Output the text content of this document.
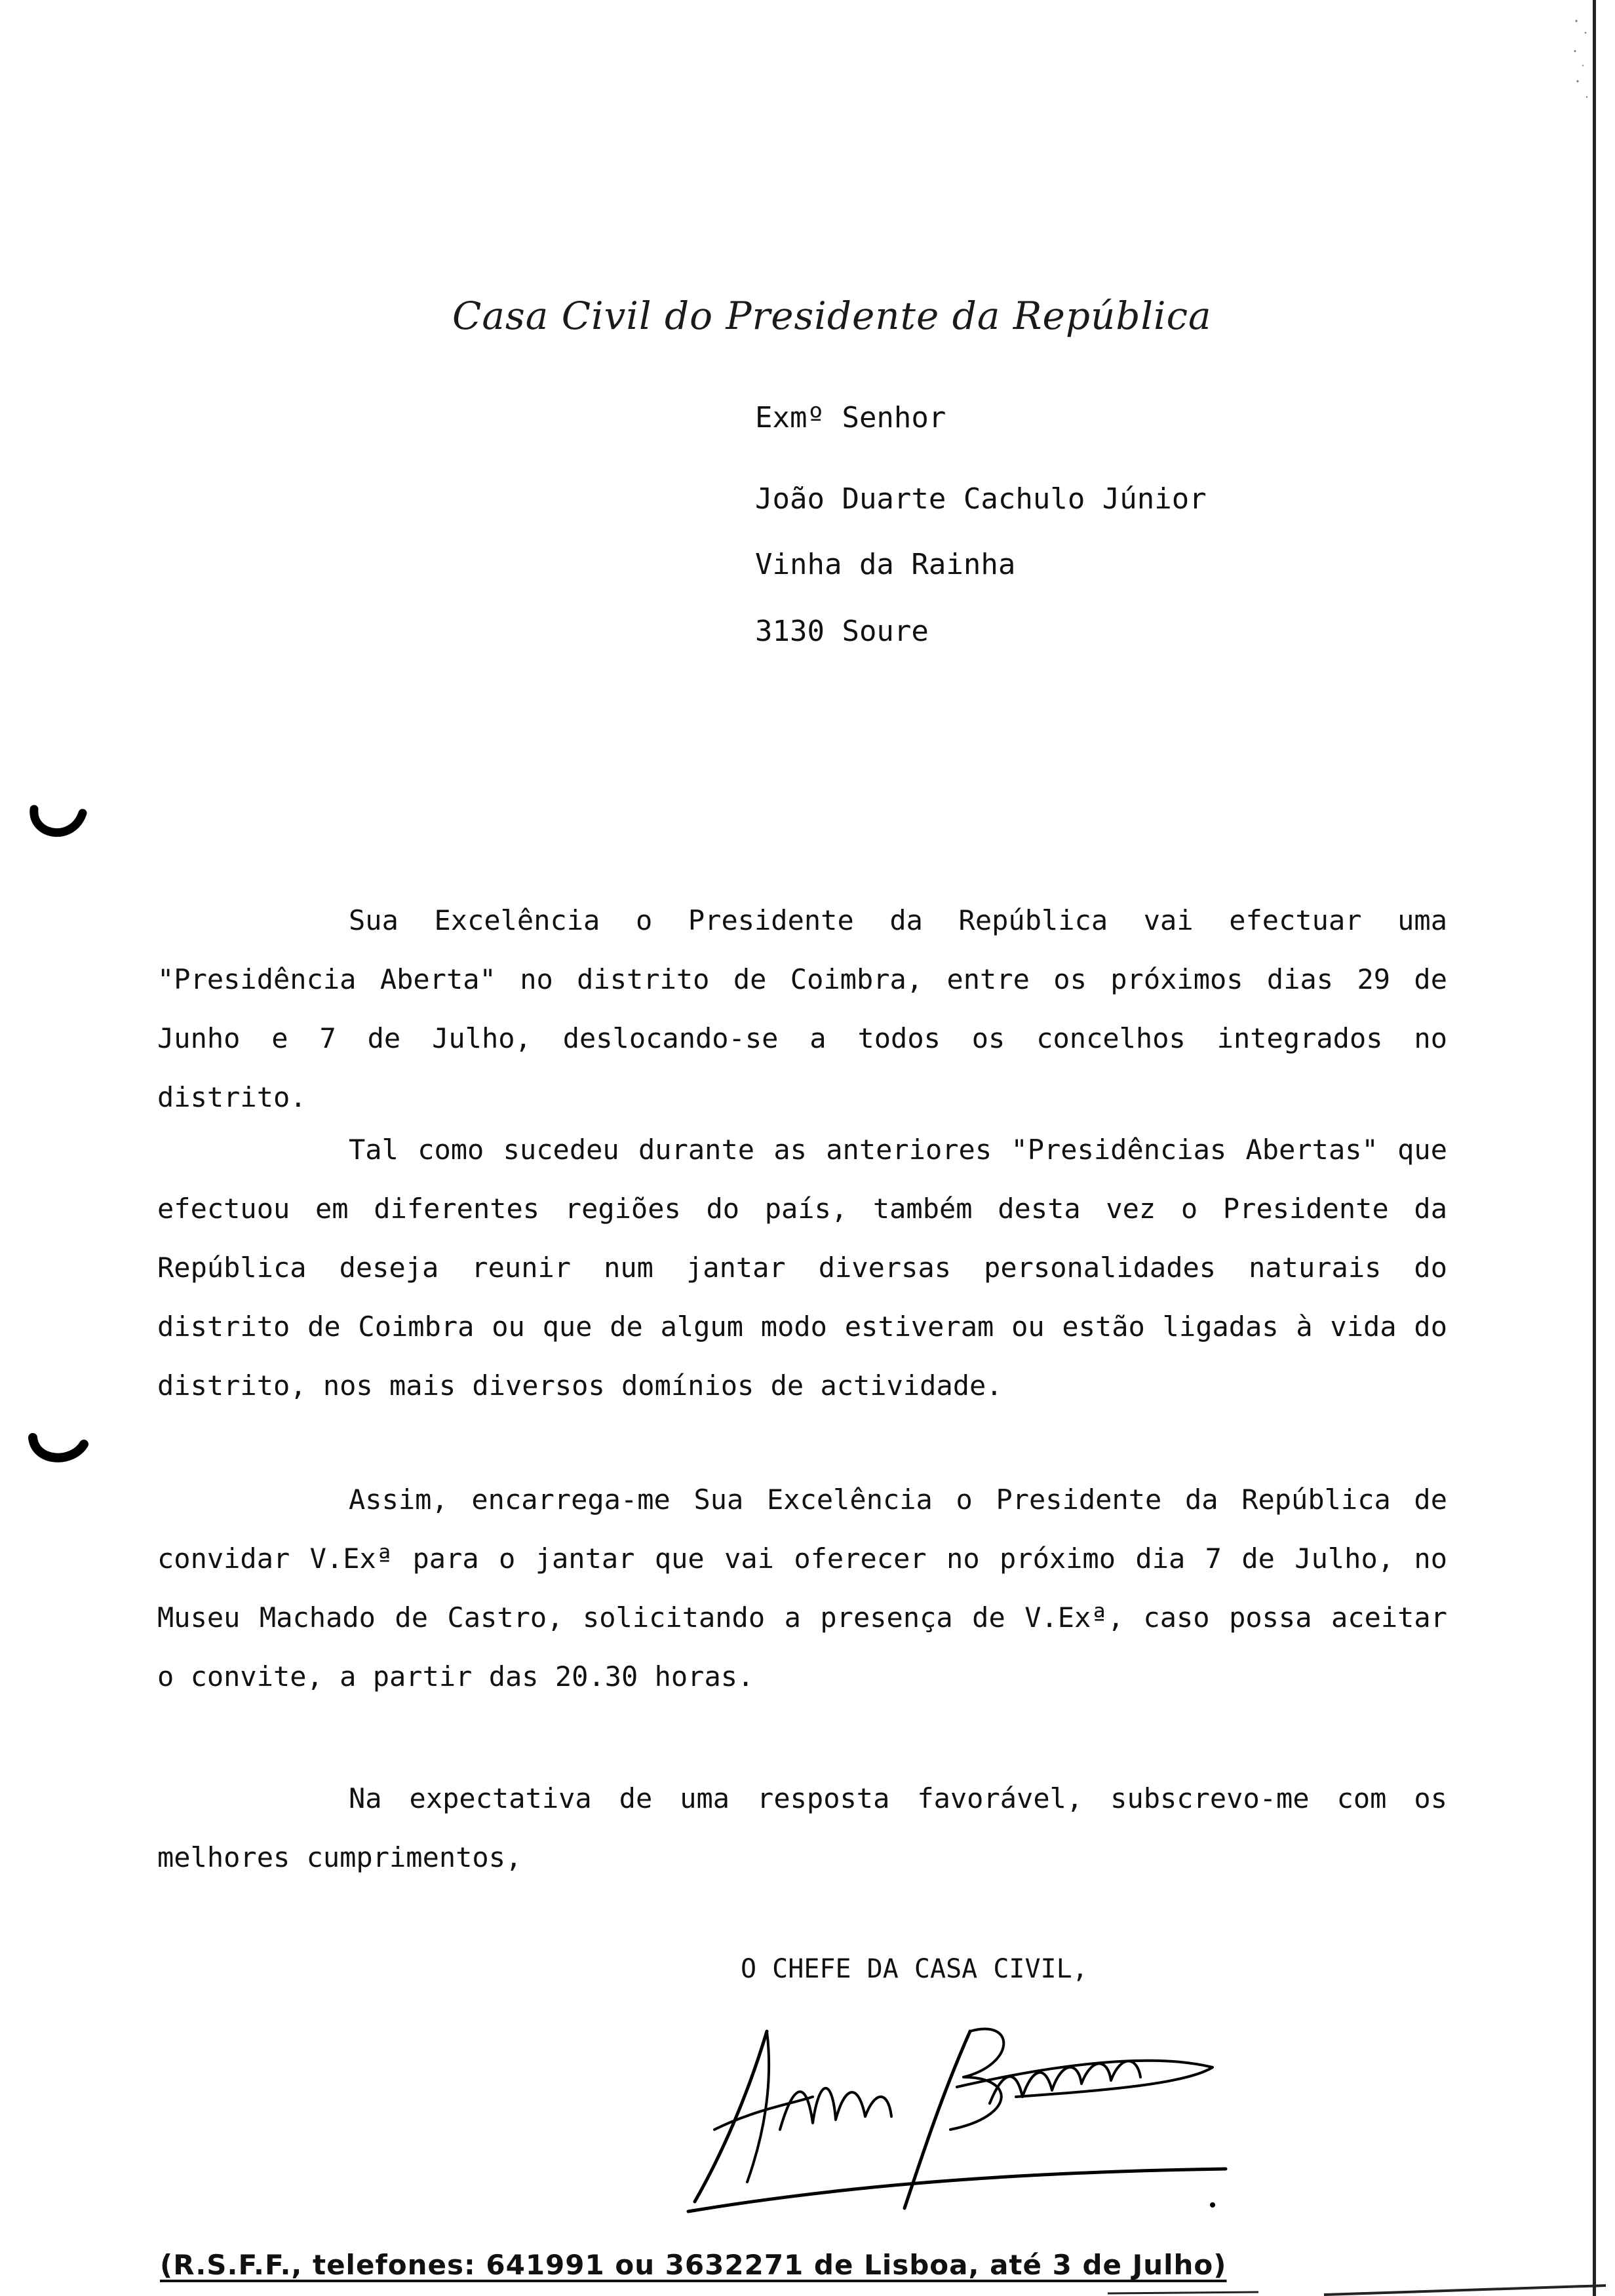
Casa Civil do Presidente da República
Exmº Senhor
João Duarte Cachulo Júnior
Vinha da Rainha
3130 Soure

Sua Excelência o Presidente da República vai efectuar uma "Presidência Aberta" no distrito de Coimbra, entre os próximos dias 29 de Junho e 7 de Julho, deslocando-se a todos os concelhos integrados no distrito.

Tal como sucedeu durante as anteriores "Presidências Abertas" que efectuou em diferentes regiões do país, também desta vez o Presidente da República deseja reunir num jantar diversas personalidades naturais do distrito de Coimbra ou que de algum modo estiveram ou estão ligadas à vida do distrito, nos mais diversos domínios de actividade.

Assim, encarrega-me Sua Excelência o Presidente da República de convidar V.Exª para o jantar que vai oferecer no próximo dia 7 de Julho, no Museu Machado de Castro, solicitando a presença de V.Exª, caso possa aceitar o convite, a partir das 20.30 horas.

Na expectativa de uma resposta favorável, subscrevo-me com os melhores cumprimentos,

O CHEFE DA CASA CIVIL,
(R.S.F.F., telefones: 641991 ou 3632271 de Lisboa, até 3 de Julho)
